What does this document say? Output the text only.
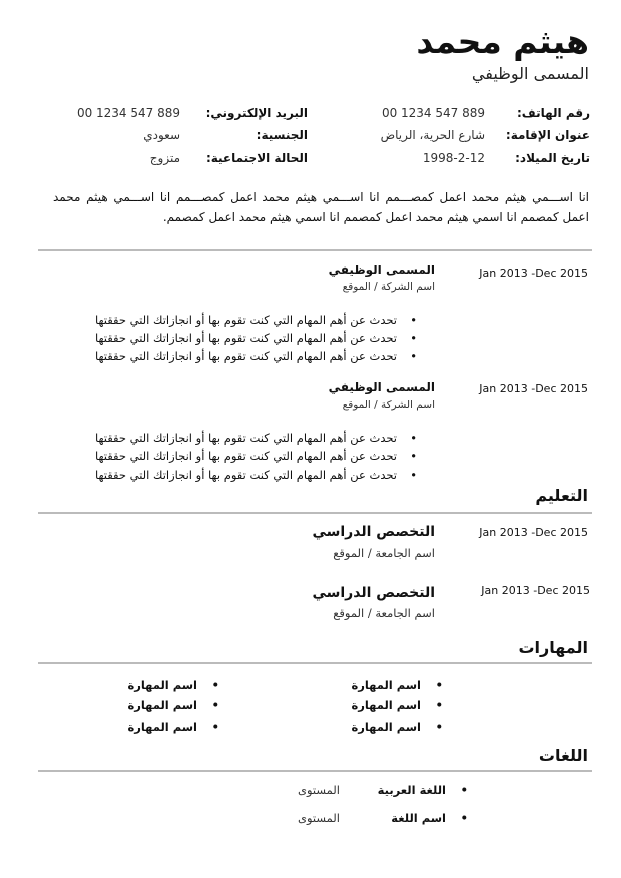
هيثم محمد
المسمى الوظيفي
رقم الهاتف:
00 1234 547 889
عنوان الإقامة:
شارع الحرية، الرياض
تاريخ الميلاد:
1998-2-12
البريد الإلكتروني:
00 1234 547 889
الجنسية:
سعودي
الحالة الاجتماعية:
متزوج
انا اســـمي هيثم محمد اعمل كمصـــمم انا اســـمي هيثم محمد اعمل كمصـــمم انا اســـمي هيثم محمد اعمل كمصمم انا اسمي هيثم محمد اعمل كمصمم انا اسمي هيثم محمد اعمل كمصمم.
Jan 2013 -Dec 2015
المسمى الوظيفي
اسم الشركة / الموقع
• تحدث عن أهم المهام التي كنت تقوم بها أو انجازاتك التي حققتها
• تحدث عن أهم المهام التي كنت تقوم بها أو انجازاتك التي حققتها
• تحدث عن أهم المهام التي كنت تقوم بها أو انجازاتك التي حققتها
Jan 2013 -Dec 2015
المسمى الوظيفي
اسم الشركة / الموقع
• تحدث عن أهم المهام التي كنت تقوم بها أو انجازاتك التي حققتها
• تحدث عن أهم المهام التي كنت تقوم بها أو انجازاتك التي حققتها
• تحدث عن أهم المهام التي كنت تقوم بها أو انجازاتك التي حققتها
التعليم
Jan 2013 -Dec 2015
التخصص الدراسي
اسم الجامعة / الموقع
Jan 2013 -Dec 2015
التخصص الدراسي
اسم الجامعة / الموقع
المهارات
• اسم المهارة
• اسم المهارة
• اسم المهارة
• اسم المهارة
• اسم المهارة
• اسم المهارة
اللغات
• اللغة العربية
المستوى
• اسم اللغة
المستوى
